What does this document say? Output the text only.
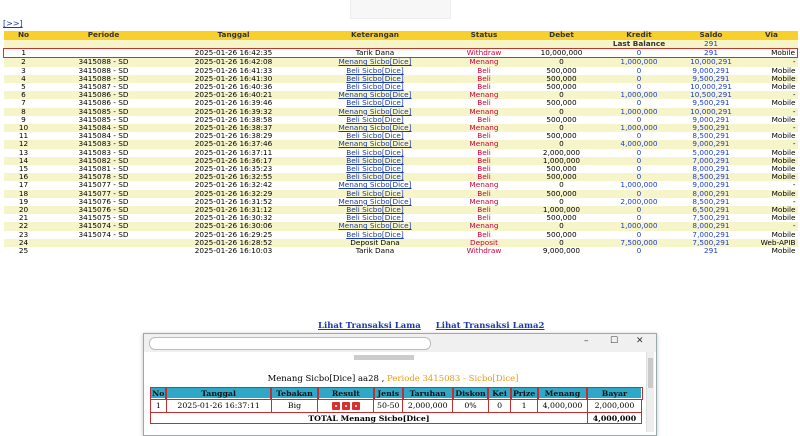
[>>]
No	Periode	Tanggal	Keterangan	Status	Debet	Kredit	Saldo	Via
						Last Balance	291	
1		2025-01-26 16:42:35	Tarik Dana	Withdraw	10,000,000	0	291	Mobile
2	3415088 - SD	2025-01-26 16:42:08	Menang Sicbo[Dice]	Menang	0	1,000,000	10,000,291	-
3	3415088 - SD	2025-01-26 16:41:33	Beli Sicbo[Dice]	Beli	500,000	0	9,000,291	Mobile
4	3415088 - SD	2025-01-26 16:41:30	Beli Sicbo[Dice]	Beli	500,000	0	9,500,291	Mobile
5	3415087 - SD	2025-01-26 16:40:36	Beli Sicbo[Dice]	Beli	500,000	0	10,000,291	Mobile
6	3415086 - SD	2025-01-26 16:40:21	Menang Sicbo[Dice]	Menang	0	1,000,000	10,500,291	-
7	3415086 - SD	2025-01-26 16:39:46	Beli Sicbo[Dice]	Beli	500,000	0	9,500,291	Mobile
8	3415085 - SD	2025-01-26 16:39:32	Menang Sicbo[Dice]	Menang	0	1,000,000	10,000,291	-
9	3415085 - SD	2025-01-26 16:38:58	Beli Sicbo[Dice]	Beli	500,000	0	9,000,291	Mobile
10	3415084 - SD	2025-01-26 16:38:37	Menang Sicbo[Dice]	Menang	0	1,000,000	9,500,291	-
11	3415084 - SD	2025-01-26 16:38:29	Beli Sicbo[Dice]	Beli	500,000	0	8,500,291	Mobile
12	3415083 - SD	2025-01-26 16:37:46	Menang Sicbo[Dice]	Menang	0	4,000,000	9,000,291	-
13	3415083 - SD	2025-01-26 16:37:11	Beli Sicbo[Dice]	Beli	2,000,000	0	5,000,291	Mobile
14	3415082 - SD	2025-01-26 16:36:17	Beli Sicbo[Dice]	Beli	1,000,000	0	7,000,291	Mobile
15	3415081 - SD	2025-01-26 16:35:23	Beli Sicbo[Dice]	Beli	500,000	0	8,000,291	Mobile
16	3415078 - SD	2025-01-26 16:32:55	Beli Sicbo[Dice]	Beli	500,000	0	8,500,291	Mobile
17	3415077 - SD	2025-01-26 16:32:42	Menang Sicbo[Dice]	Menang	0	1,000,000	9,000,291	-
18	3415077 - SD	2025-01-26 16:32:29	Beli Sicbo[Dice]	Beli	500,000	0	8,000,291	Mobile
19	3415076 - SD	2025-01-26 16:31:52	Menang Sicbo[Dice]	Menang	0	2,000,000	8,500,291	-
20	3415076 - SD	2025-01-26 16:31:12	Beli Sicbo[Dice]	Beli	1,000,000	0	6,500,291	Mobile
21	3415075 - SD	2025-01-26 16:30:32	Beli Sicbo[Dice]	Beli	500,000	0	7,500,291	Mobile
22	3415074 - SD	2025-01-26 16:30:06	Menang Sicbo[Dice]	Menang	0	1,000,000	8,000,291	-
23	3415074 - SD	2025-01-26 16:29:25	Beli Sicbo[Dice]	Beli	500,000	0	7,000,291	Mobile
24		2025-01-26 16:28:52	Deposit Dana	Deposit	0	7,500,000	7,500,291	Web-APIB
25		2025-01-26 16:10:03	Tarik Dana	Withdraw	9,000,000	0	291	Mobile
Lihat Transaksi Lama Lihat Transaksi Lama2
– ☐ ✕
Menang Sicbo[Dice] aa28 , Periode 3415083 - Sicbo[Dice]
No	Tanggal	Tebakan	Result	Jenis	Taruhan	Diskon	Kei	Prize	Menang	Bayar
1	2025-01-26 16:37:11	Big		50-50	2,000,000	0%	0	1	4,000,000	2,000,000
TOTAL Menang Sicbo[Dice]										4,000,000
